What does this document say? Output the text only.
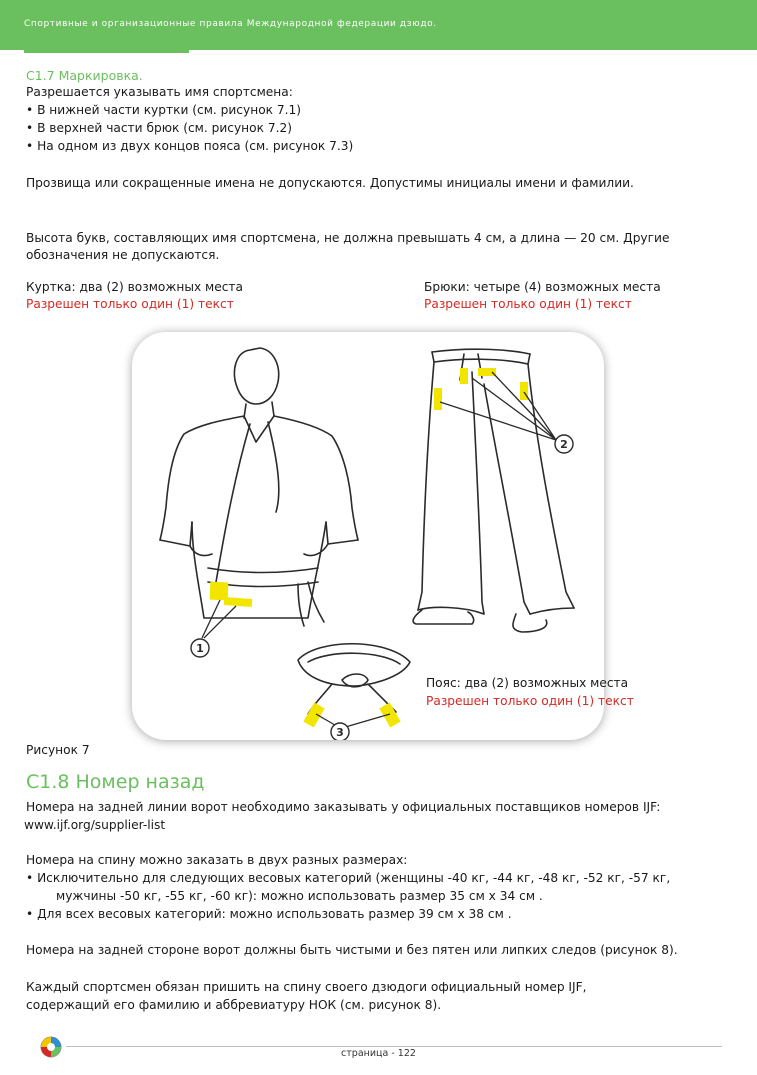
Спортивные и организационные правила Международной федерации дзюдо.
C1.7 Маркировка.
Разрешается указывать имя спортсмена:
• В нижней части куртки (см. рисунок 7.1)
• В верхней части брюк (см. рисунок 7.2)
• На одном из двух концов пояса (см. рисунок 7.3)
Прозвища или сокращенные имена не допускаются. Допустимы инициалы имени и фамилии.
Высота букв, составляющих имя спортсмена, не должна превышать 4 см, а длина — 20 см. Другие
обозначения не допускаются.
Куртка: два (2) возможных места
Разрешен только один (1) текст
Брюки: четыре (4) возможных места
Разрешен только один (1) текст
1
2
3
Пояс: два (2) возможных места
Разрешен только один (1) текст
Рисунок 7
C1.8 Номер назад
Номера на задней линии ворот необходимо заказывать у официальных поставщиков номеров IJF:
www.ijf.org/supplier-list
Номера на спину можно заказать в двух разных размерах:
• Исключительно для следующих весовых категорий (женщины -40 кг, -44 кг, -48 кг, -52 кг, -57 кг,
мужчины -50 кг, -55 кг, -60 кг): можно использовать размер 35 см х 34 см .
• Для всех весовых категорий: можно использовать размер 39 см х 38 см .
Номера на задней стороне ворот должны быть чистыми и без пятен или липких следов (рисунок 8).
Каждый спортсмен обязан пришить на спину своего дзюдоги официальный номер IJF,
содержащий его фамилию и аббревиатуру НОК (см. рисунок 8).
страница - 122
